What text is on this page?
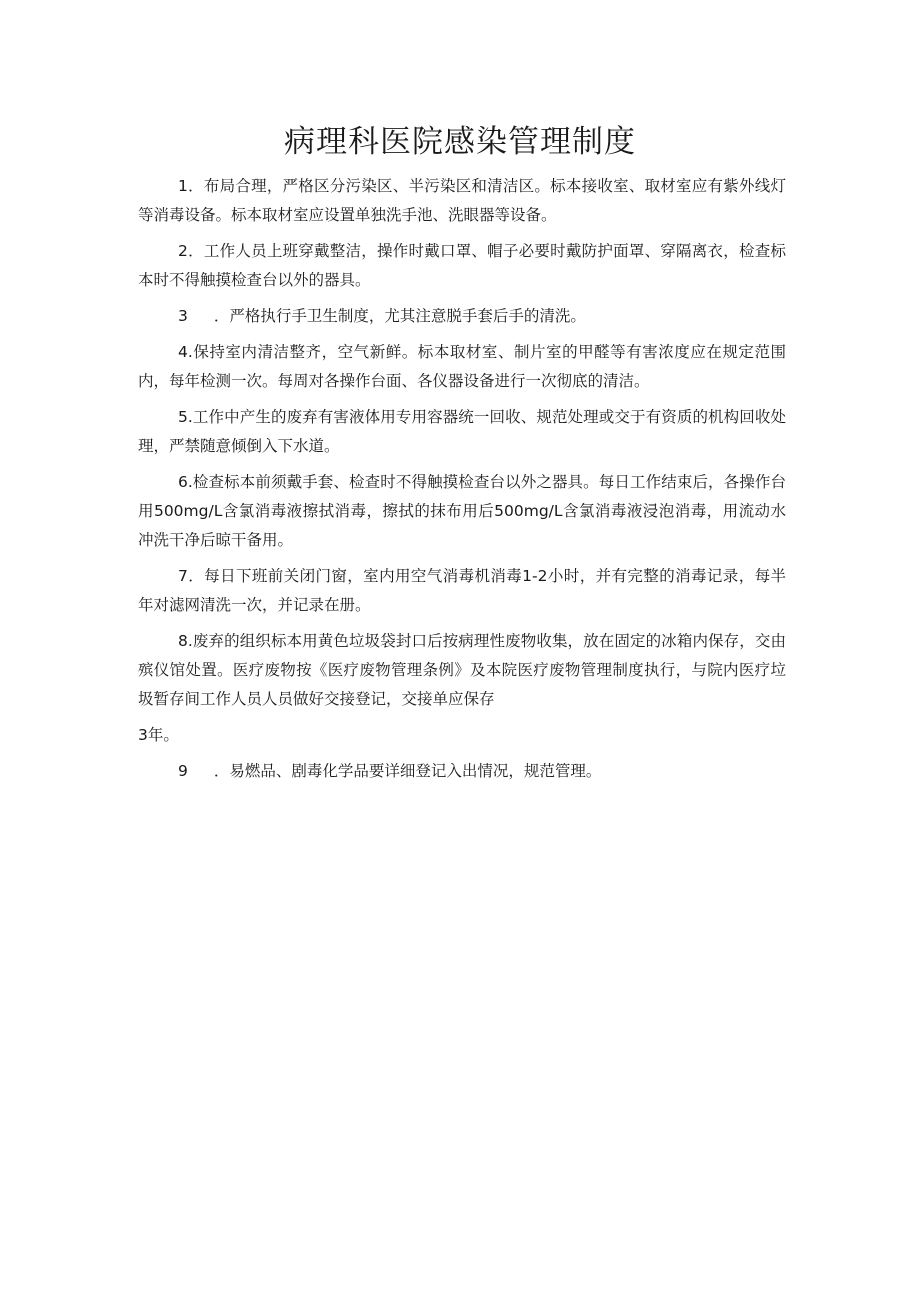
病理科医院感染管理制度

1．布局合理，严格区分污染区、半污染区和清洁区。标本接收室、取材室应有紫外线灯等消毒设备。标本取材室应设置单独洗手池、洗眼器等设备。

2．工作人员上班穿戴整洁，操作时戴口罩、帽子必要时戴防护面罩、穿隔离衣，检查标本时不得触摸检查台以外的器具。

3 ．严格执行手卫生制度，尤其注意脱手套后手的清洗。

4.保持室内清洁整齐，空气新鲜。标本取材室、制片室的甲醛等有害浓度应在规定范围内，每年检测一次。每周对各操作台面、各仪器设备进行一次彻底的清洁。

5.工作中产生的废弃有害液体用专用容器统一回收、规范处理或交于有资质的机构回收处理，严禁随意倾倒入下水道。

6.检查标本前须戴手套、检查时不得触摸检查台以外之器具。每日工作结束后，各操作台用500mg/L含氯消毒液擦拭消毒，擦拭的抹布用后500mg/L含氯消毒液浸泡消毒，用流动水冲洗干净后晾干备用。

7．每日下班前关闭门窗，室内用空气消毒机消毒1-2小时，并有完整的消毒记录，每半年对滤网清洗一次，并记录在册。

8.废弃的组织标本用黄色垃圾袋封口后按病理性废物收集，放在固定的冰箱内保存，交由殡仪馆处置。医疗废物按《医疗废物管理条例》及本院医疗废物管理制度执行，与院内医疗垃圾暂存间工作人员人员做好交接登记，交接单应保存

3年。

9 ．易燃品、剧毒化学品要详细登记入出情况，规范管理。
